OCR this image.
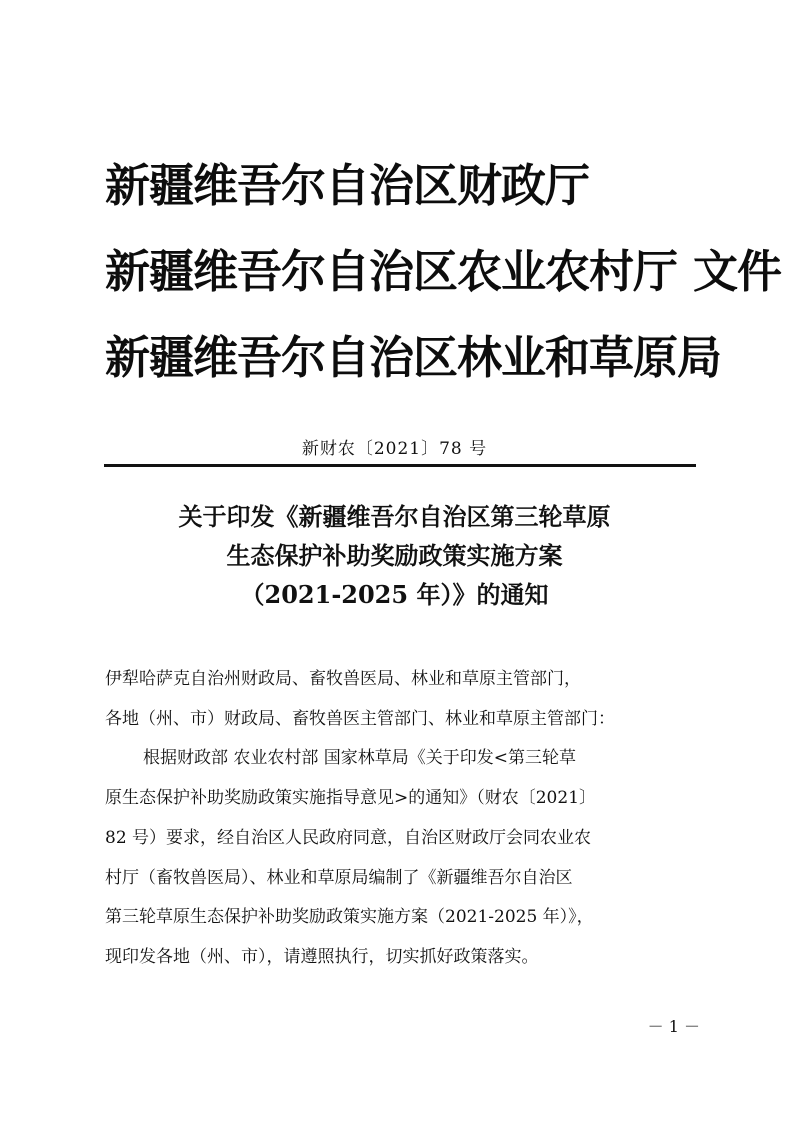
新疆维吾尔自治区财政厅
新疆维吾尔自治区农业农村厅 文件
新疆维吾尔自治区林业和草原局
新财农〔2021〕78 号
关于印发《新疆维吾尔自治区第三轮草原
生态保护补助奖励政策实施方案
（2021-2025 年）》的通知
伊犁哈萨克自治州财政局、畜牧兽医局、林业和草原主管部门，
各地（州、市）财政局、畜牧兽医主管部门、林业和草原主管部门：
根据财政部 农业农村部 国家林草局《关于印发<第三轮草
原生态保护补助奖励政策实施指导意见>的通知》（财农〔2021〕
82 号）要求，经自治区人民政府同意，自治区财政厅会同农业农
村厅（畜牧兽医局）、林业和草原局编制了《新疆维吾尔自治区
第三轮草原生态保护补助奖励政策实施方案（2021-2025 年）》，
现印发各地（州、市），请遵照执行，切实抓好政策落实。
－ 1 －
